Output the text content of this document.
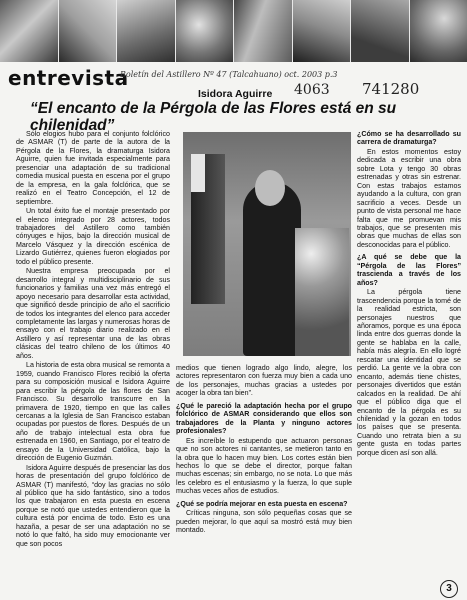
entrevista
Boletín del Astillero Nº 47 (Talcahuano) oct. 2003 p.3
4063 741280
Isidora Aguirre
“El encanto de la Pérgola de las Flores está en su chilenidad”

Sólo elogios hubo para el conjunto folclórico de ASMAR (T) de parte de la autora de la Pérgola de la Flores, la dramaturga Isidora Aguirre, quien fue invitada especialmente para presenciar una adaptación de su tradicional comedia musical puesta en escena por el grupo de la empresa, en la gala folclórica, que se realizó en el Teatro Concepción, el 12 de septiembre.

Un total éxito fue el montaje presentado por el elenco integrado por 28 actores, todos trabajadores del Astillero como también cónyuges e hijos, bajo la dirección musical de Marcelo Vásquez y la dirección escénica de Lizardo Gutiérrez, quienes fueron elogiados por todo el público presente.

Nuestra empresa preocupada por el desarrollo integral y multidisciplinario de sus funcionarios y familias una vez más entregó el apoyo necesario para desarrollar esta actividad, que significó desde principio de año el sacrificio de todos los integrantes del elenco para acceder completamente las largas y numerosas horas de ensayo con el trabajo diario realizado en el Astillero y así representar una de las obras clásicas del teatro chileno de los últimos 40 años.

La historia de esta obra musical se remonta a 1959, cuando Francisco Flores recibió la oferta para su composición musical e Isidora Aguirre para escribir la pérgola de las flores de San Francisco. Su desarrollo transcurre en la primavera de 1920, tiempo en que las calles cercanas a la Iglesia de San Francisco estaban ocupadas por puestos de flores. Después de un año de trabajo intelectual esta obra fue estrenada en 1960, en Santiago, por el teatro de ensayo de la Universidad Católica, bajo la dirección de Eugenio Guzmán.

Isidora Aguirre después de presenciar las dos horas de presentación del grupo folclórico de ASMAR (T) manifestó, “doy las gracias no sólo al público que ha sido fantástico, sino a todos los que trabajaron en esta puesta en escena porque se notó que ustedes entendieron que la cultura está por encima de todo. Esto es una hazaña, a pesar de ser una adaptación no se notó lo que faltó, ha sido muy emocionante ver que son pocos

medios que tienen logrado algo lindo, alegre, los actores representaron con fuerza muy bien a cada uno de los personajes, muchas gracias a ustedes por acoger la obra tan bien”.

¿Qué le pareció la adaptación hecha por el grupo folclórico de ASMAR considerando que ellos son trabajadores de la Planta y ninguno actores profesionales?

Es increíble lo estupendo que actuaron personas que no son actores ni cantantes, se metieron tanto en la obra que lo hacen muy bien. Los cortes están bien hechos lo que se debe el director, porque faltan muchas escenas; sin embargo, no se nota. Lo que más les celebro es el entusiasmo y la fuerza, lo que suple muchas veces años de estudios.

¿Qué se podría mejorar en esta puesta en escena?

Críticas ninguna, son sólo pequeñas cosas que se pueden mejorar, lo que aquí sa mostró está muy bien montado.

¿Cómo se ha desarrollado su carrera de dramaturga?

En estos momentos estoy dedicada a escribir una obra sobre Lota y tengo 30 obras estrenadas y otras sin estrenar. Con estas trabajos estamos ayudando a la cultura, con gran sacrificio a veces. Desde un punto de vista personal me hace falta que me promuevan mis trabajos, que se presenten mis obras que muchas de ellas son desconocidas para el público.

¿A qué se debe que la “Pérgola de las Flores” trascienda a través de los años?

La pérgola tiene trascendencia porque la tomé de la realidad estricta, son personajes nuestros que añoramos, porque es una época linda entre dos guerras donde la gente se hablaba en la calle, había más alegría. En ello logré rescatar una identidad que se perdió. La gente ve la obra con encanto, además tiene chistes, personajes divertidos que están calcados en la realidad. De ahí que el público diga que el encanto de la pérgola es su chilenidad y la gozan en todos los países que se presenta. Cuando uno retrata bien a su gente gusta en todas partes porque dicen así son allá.

3
